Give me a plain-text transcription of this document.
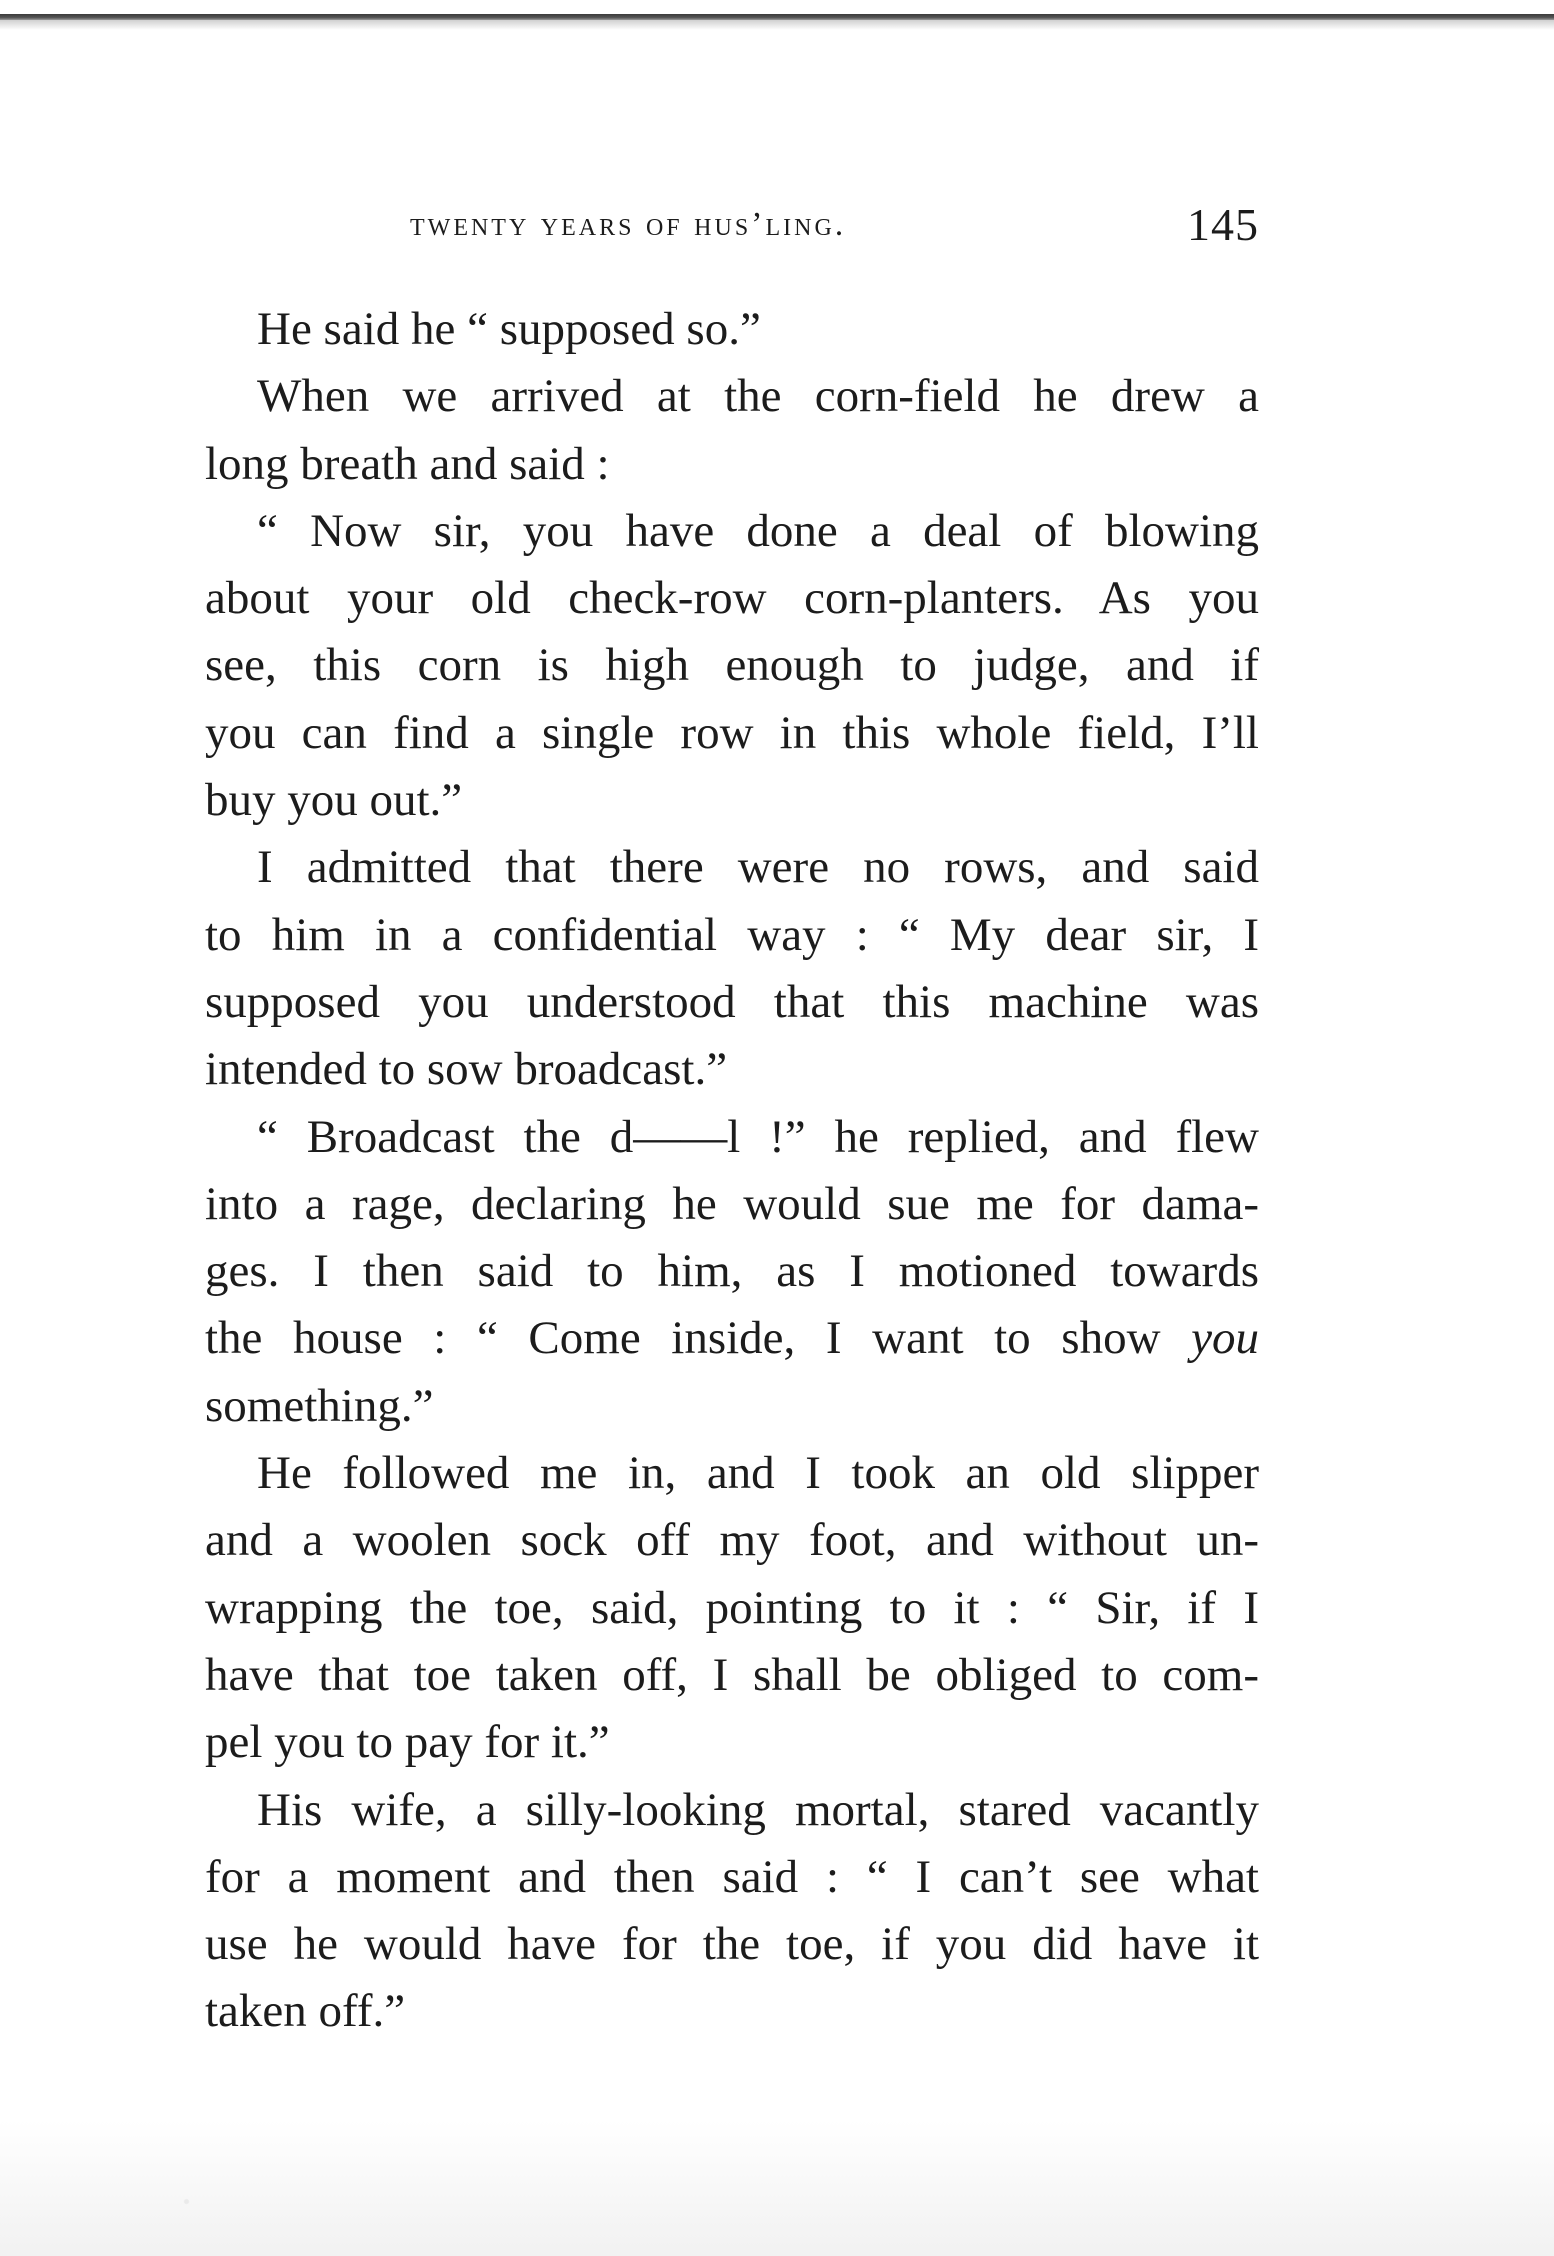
twenty years of hus’ling.	145
He said he “ supposed so.”
When we arrived at the corn-field he drew a
long breath and said :
“ Now sir, you have done a deal of blowing
about your old check-row corn-planters. As you
see, this corn is high enough to judge, and if
you can find a single row in this whole field, I’ll
buy you out.”
I admitted that there were no rows, and said
to him in a confidential way : “ My dear sir, I
supposed you understood that this machine was
intended to sow broadcast.”
“ Broadcast the d——l !” he replied, and flew
into a rage, declaring he would sue me for dama-
ges. I then said to him, as I motioned towards
the house : “ Come inside, I want to show you
something.”
He followed me in, and I took an old slipper
and a woolen sock off my foot, and without un-
wrapping the toe, said, pointing to it : “ Sir, if I
have that toe taken off, I shall be obliged to com-
pel you to pay for it.”
His wife, a silly-looking mortal, stared vacantly
for a moment and then said : “ I can’t see what
use he would have for the toe, if you did have it
taken off.”
